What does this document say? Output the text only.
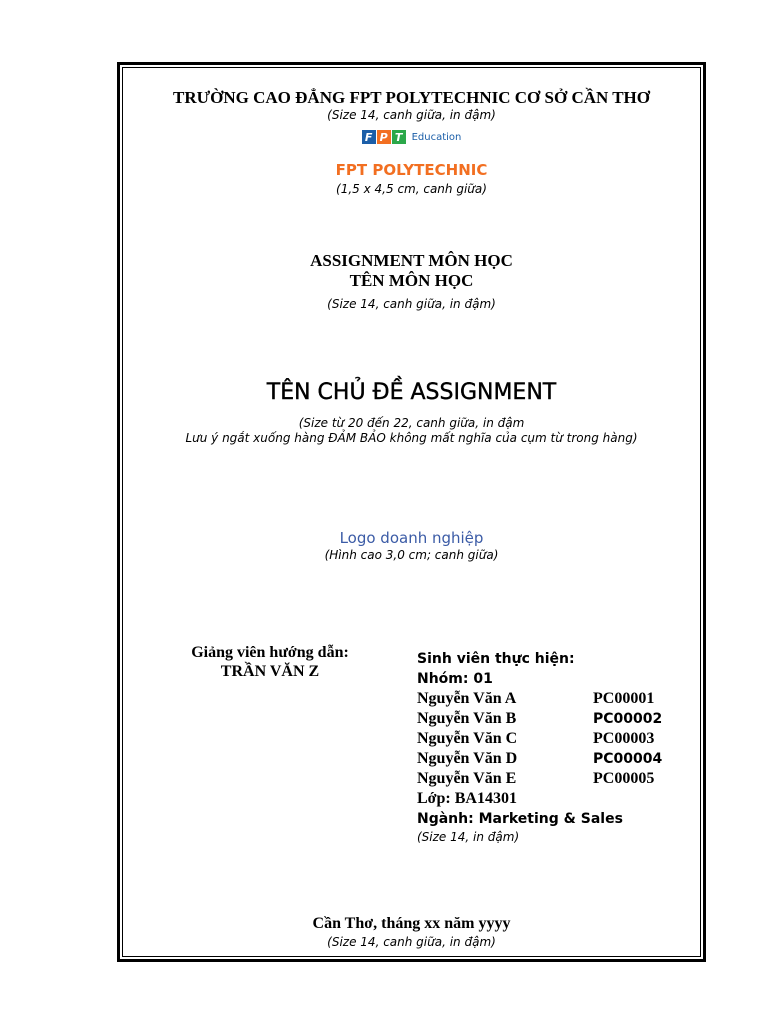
TRƯỜNG CAO ĐẲNG FPT POLYTECHNIC CƠ SỞ CẦN THƠ
(Size 14, canh giữa, in đậm)
F P T Education
FPT POLYTECHNIC
(1,5 x 4,5 cm, canh giữa)
ASSIGNMENT MÔN HỌC
TÊN MÔN HỌC
(Size 14, canh giữa, in đậm)
TÊN CHỦ ĐỀ ASSIGNMENT
(Size từ 20 đến 22, canh giữa, in đậm
Lưu ý ngắt xuống hàng ĐẢM BẢO không mất nghĩa của cụm từ trong hàng)
Logo doanh nghiệp
(Hình cao 3,0 cm; canh giữa)
Giảng viên hướng dẫn:
TRẦN VĂN Z
Sinh viên thực hiện:
Nhóm: 01
Nguyễn Văn A	PC00001
Nguyễn Văn B	PC00002
Nguyễn Văn C	PC00003
Nguyễn Văn D	PC00004
Nguyễn Văn E	PC00005
Lớp: BA14301
Ngành: Marketing & Sales
(Size 14, in đậm)
Cần Thơ, tháng xx năm yyyy
(Size 14, canh giữa, in đậm)
